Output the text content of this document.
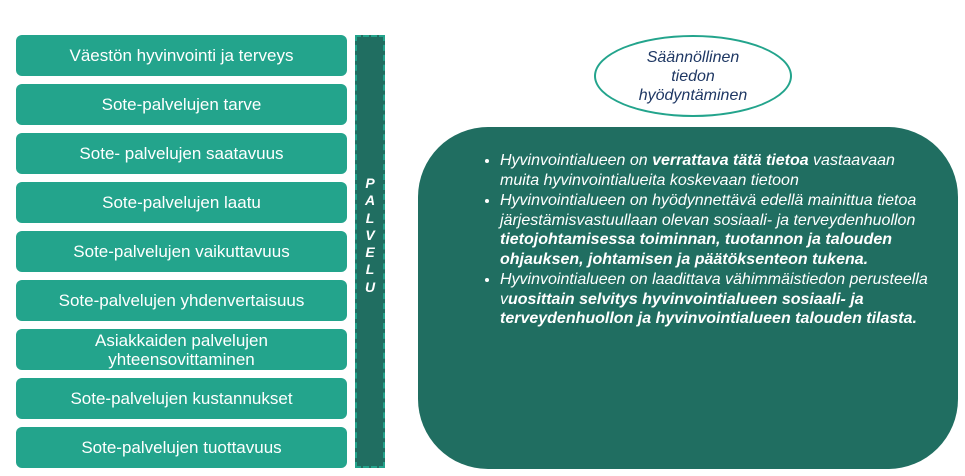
Väestön hyvinvointi ja terveys
Sote-palvelujen tarve
Sote- palvelujen saatavuus
Sote-palvelujen laatu
Sote-palvelujen vaikuttavuus
Sote-palvelujen yhdenvertaisuus
Asiakkaiden palvelujen yhteensovittaminen
Sote-palvelujen kustannukset
Sote-palvelujen tuottavuus
P
A
L
V
E
L
U
Säännöllinen tiedon hyödyntäminen
• Hyvinvointialueen on verrattava tätä tietoa vastaavaan muita hyvinvointialueita koskevaan tietoon
• Hyvinvointialueen on hyödynnettävä edellä mainittua tietoa järjestämisvastuullaan olevan sosiaali- ja terveydenhuollon tietojohtamisessa toiminnan, tuotannon ja talouden ohjauksen, johtamisen ja päätöksenteon tukena.
• Hyvinvointialueen on laadittava vähimmäistiedon perusteella vuosittain selvitys hyvinvointialueen sosiaali- ja terveydenhuollon ja hyvinvointialueen talouden tilasta.
